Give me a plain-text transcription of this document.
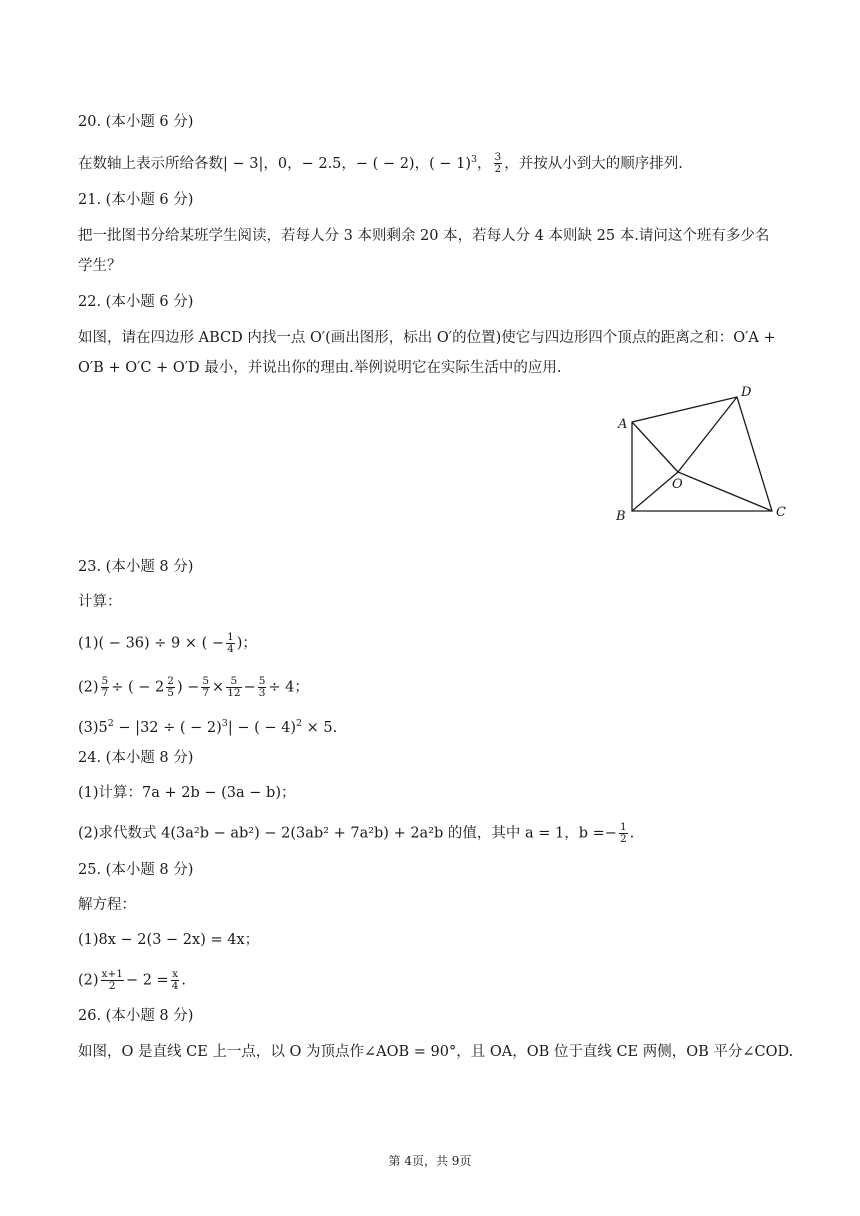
20. (本小题 6 分)
在数轴上表示所给各数| − 3|，0，− 2.5，− ( − 2)，( − 1)$^3$， $\frac{3}{2}$ ，并按从小到大的顺序排列.
21. (本小题 6 分)
把一批图书分给某班学生阅读，若每人分 3 本则剩余 20 本，若每人分 4 本则缺 25 本.请问这个班有多少名
学生？
22. (本小题 6 分)
如图，请在四边形 ABCD 内找一点 O′(画出图形，标出 O′的位置)使它与四边形四个顶点的距离之和：O′A +
O′B + O′C + O′D 最小，并说出你的理由.举例说明它在实际生活中的应用.
A
D
O
B	C
23. (本小题 8 分)
计算：
(1)( − 36) ÷ 9 × ( − $\frac{1}{4}$ )；
$(2) \frac{5}{7}$ ÷ ( − $2 \frac{2}{5}$ ) − $\frac{5}{7} \times \frac{5}{12} - \frac{5}{3} \div 4$；
$(3)5^2 - |32$ ÷ ( − 2)$^3$| − ( − 4)$^2$ × 5.
24. (本小题 8 分)
(1)计算：7a + 2b − (3a − b)；
(2)求代数式 4(3a²b − ab²) − 2(3ab² + 7a²b) + 2a²b 的值，其中 a = 1，$b =- \frac{1}{2}$ .
25. (本小题 8 分)
解方程：
(1)8x − 2(3 − 2x) = 4x；
$(2) \frac{x+1}{2} - 2 = \frac{x}{4}$ .
26. (本小题 8 分)
如图，O 是直线 CE 上一点，以 O 为顶点作∠AOB = 90°，且 OA，OB 位于直线 CE 两侧，OB 平分∠COD.
第 4页，共 9页
